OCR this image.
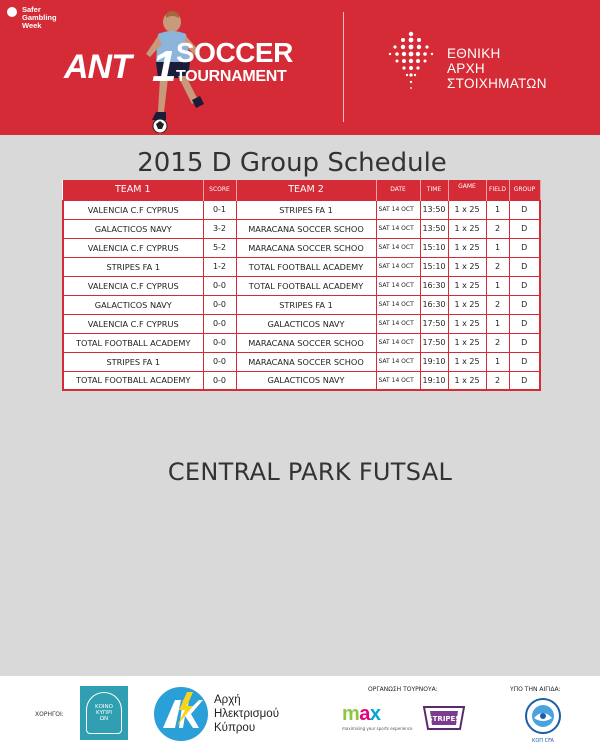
Safer
Gambling
Week
ANT 1 SOCCER
TOURNAMENT
ΕΘΝΙΚΗ
ΑΡΧΗ
ΣΤΟΙΧΗΜΑΤΩΝ
2015 D Group Schedule
TEAM 1	SCORE	TEAM 2	DATE	TIME	GAME	FIELD	GROUP
VALENCIA C.F CYPRUS	0-1	STRIPES FA 1	SAT 14 OCT	13:50	1 x 25	1	D
GALACTICOS NAVY	3-2	MARACANA SOCCER SCHOO	SAT 14 OCT	13:50	1 x 25	2	D
VALENCIA C.F CYPRUS	5-2	MARACANA SOCCER SCHOO	SAT 14 OCT	15:10	1 x 25	1	D
STRIPES FA 1	1-2	TOTAL FOOTBALL ACADEMY	SAT 14 OCT	15:10	1 x 25	2	D
VALENCIA C.F CYPRUS	0-0	TOTAL FOOTBALL ACADEMY	SAT 14 OCT	16:30	1 x 25	1	D
GALACTICOS NAVY	0-0	STRIPES FA 1	SAT 14 OCT	16:30	1 x 25	2	D
VALENCIA C.F CYPRUS	0-0	GALACTICOS NAVY	SAT 14 OCT	17:50	1 x 25	1	D
TOTAL FOOTBALL ACADEMY	0-0	MARACANA SOCCER SCHOO	SAT 14 OCT	17:50	1 x 25	2	D
STRIPES FA 1	0-0	MARACANA SOCCER SCHOO	SAT 14 OCT	19:10	1 x 25	1	D
TOTAL FOOTBALL ACADEMY	0-0	GALACTICOS NAVY	SAT 14 OCT	19:10	1 x 25	2	D
CENTRAL PARK FUTSAL
ΧΟΡΗΓΟΙ:
ΚΟΙΝΟ
ΚΥΠΡΙ
ΩΝ
Αρχή
Ηλεκτρισμού
Κύπρου
ΟΡΓΑΝΩΣΗ ΤΟΥΡΝΟΥΑ:
max
maximising your sports experience
STRIPES
ΥΠΟ ΤΗΝ ΑΙΓΙΔΑ:
ΚΟΠ CFA
